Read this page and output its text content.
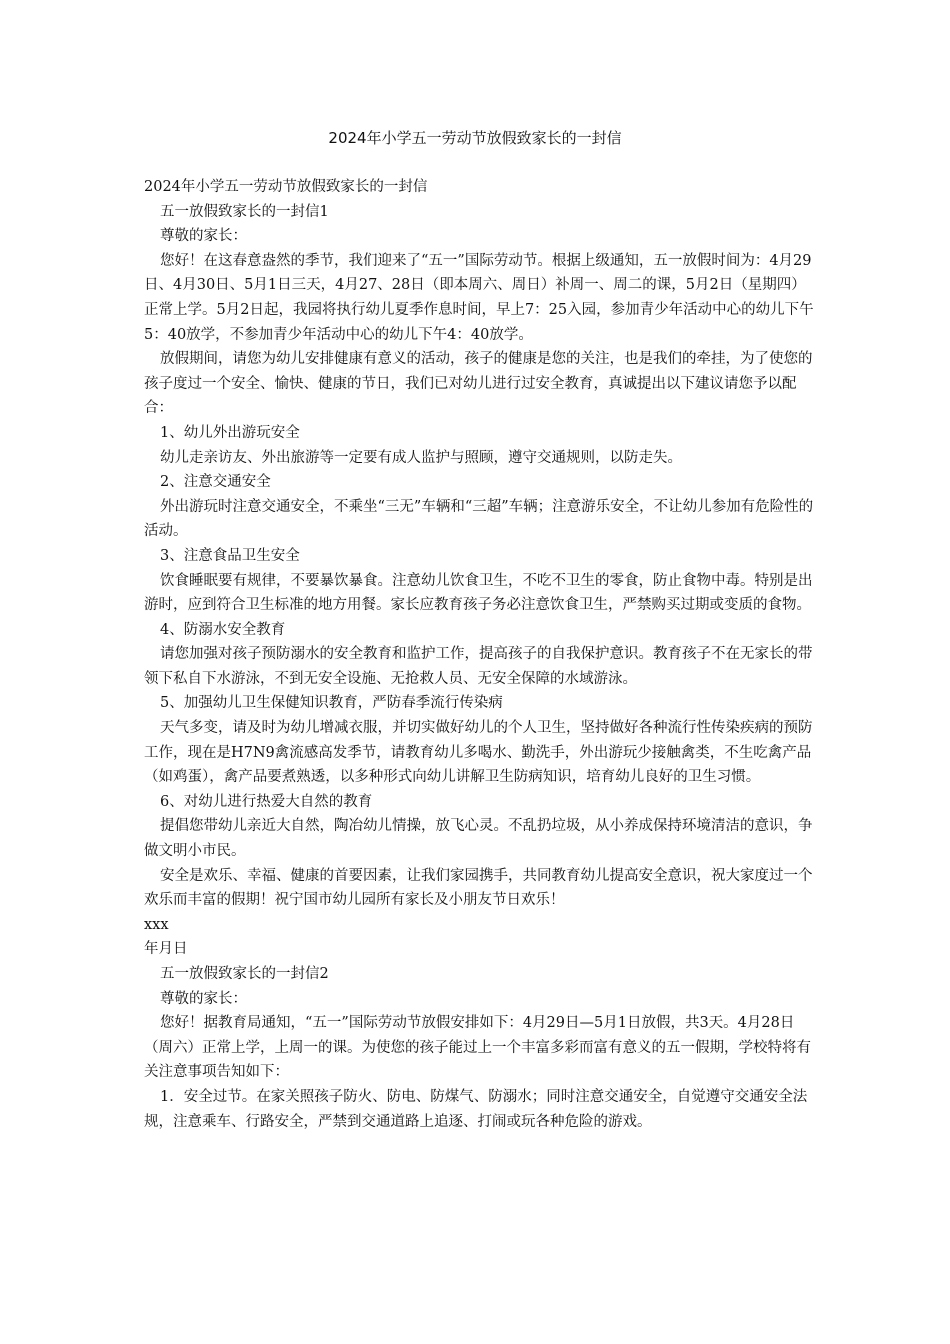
2024年小学五一劳动节放假致家长的一封信

2024年小学五一劳动节放假致家长的一封信

五一放假致家长的一封信1

尊敬的家长：

您好！在这春意盎然的季节，我们迎来了“五一”国际劳动节。根据上级通知，五一放假时间为：4月29日、4月30日、5月1日三天，4月27、28日（即本周六、周日）补周一、周二的课，5月2日（星期四）正常上学。5月2日起，我园将执行幼儿夏季作息时间，早上7：25入园，参加青少年活动中心的幼儿下午5：40放学，不参加青少年活动中心的幼儿下午4：40放学。

放假期间，请您为幼儿安排健康有意义的活动，孩子的健康是您的关注，也是我们的牵挂，为了使您的孩子度过一个安全、愉快、健康的节日，我们已对幼儿进行过安全教育，真诚提出以下建议请您予以配合：

1、幼儿外出游玩安全

幼儿走亲访友、外出旅游等一定要有成人监护与照顾，遵守交通规则，以防走失。

2、注意交通安全

外出游玩时注意交通安全，不乘坐“三无”车辆和“三超”车辆；注意游乐安全，不让幼儿参加有危险性的活动。

3、注意食品卫生安全

饮食睡眠要有规律，不要暴饮暴食。注意幼儿饮食卫生，不吃不卫生的零食，防止食物中毒。特别是出游时，应到符合卫生标准的地方用餐。家长应教育孩子务必注意饮食卫生，严禁购买过期或变质的食物。

4、防溺水安全教育

请您加强对孩子预防溺水的安全教育和监护工作，提高孩子的自我保护意识。教育孩子不在无家长的带领下私自下水游泳，不到无安全设施、无抢救人员、无安全保障的水域游泳。

5、加强幼儿卫生保健知识教育，严防春季流行传染病

天气多变，请及时为幼儿增减衣服，并切实做好幼儿的个人卫生，坚持做好各种流行性传染疾病的预防工作，现在是H7N9禽流感高发季节，请教育幼儿多喝水、勤洗手，外出游玩少接触禽类，不生吃禽产品（如鸡蛋），禽产品要煮熟透，以多种形式向幼儿讲解卫生防病知识，培育幼儿良好的卫生习惯。

6、对幼儿进行热爱大自然的教育

提倡您带幼儿亲近大自然，陶冶幼儿情操，放飞心灵。不乱扔垃圾，从小养成保持环境清洁的意识，争做文明小市民。

安全是欢乐、幸福、健康的首要因素，让我们家园携手，共同教育幼儿提高安全意识，祝大家度过一个欢乐而丰富的假期！祝宁国市幼儿园所有家长及小朋友节日欢乐！

xxx

年月日

五一放假致家长的一封信2

尊敬的家长：

您好！据教育局通知，“五一”国际劳动节放假安排如下：4月29日—5月1日放假，共3天。4月28日（周六）正常上学，上周一的课。为使您的孩子能过上一个丰富多彩而富有意义的五一假期，学校特将有关注意事项告知如下：

1．安全过节。在家关照孩子防火、防电、防煤气、防溺水；同时注意交通安全，自觉遵守交通安全法规，注意乘车、行路安全，严禁到交通道路上追逐、打闹或玩各种危险的游戏。
